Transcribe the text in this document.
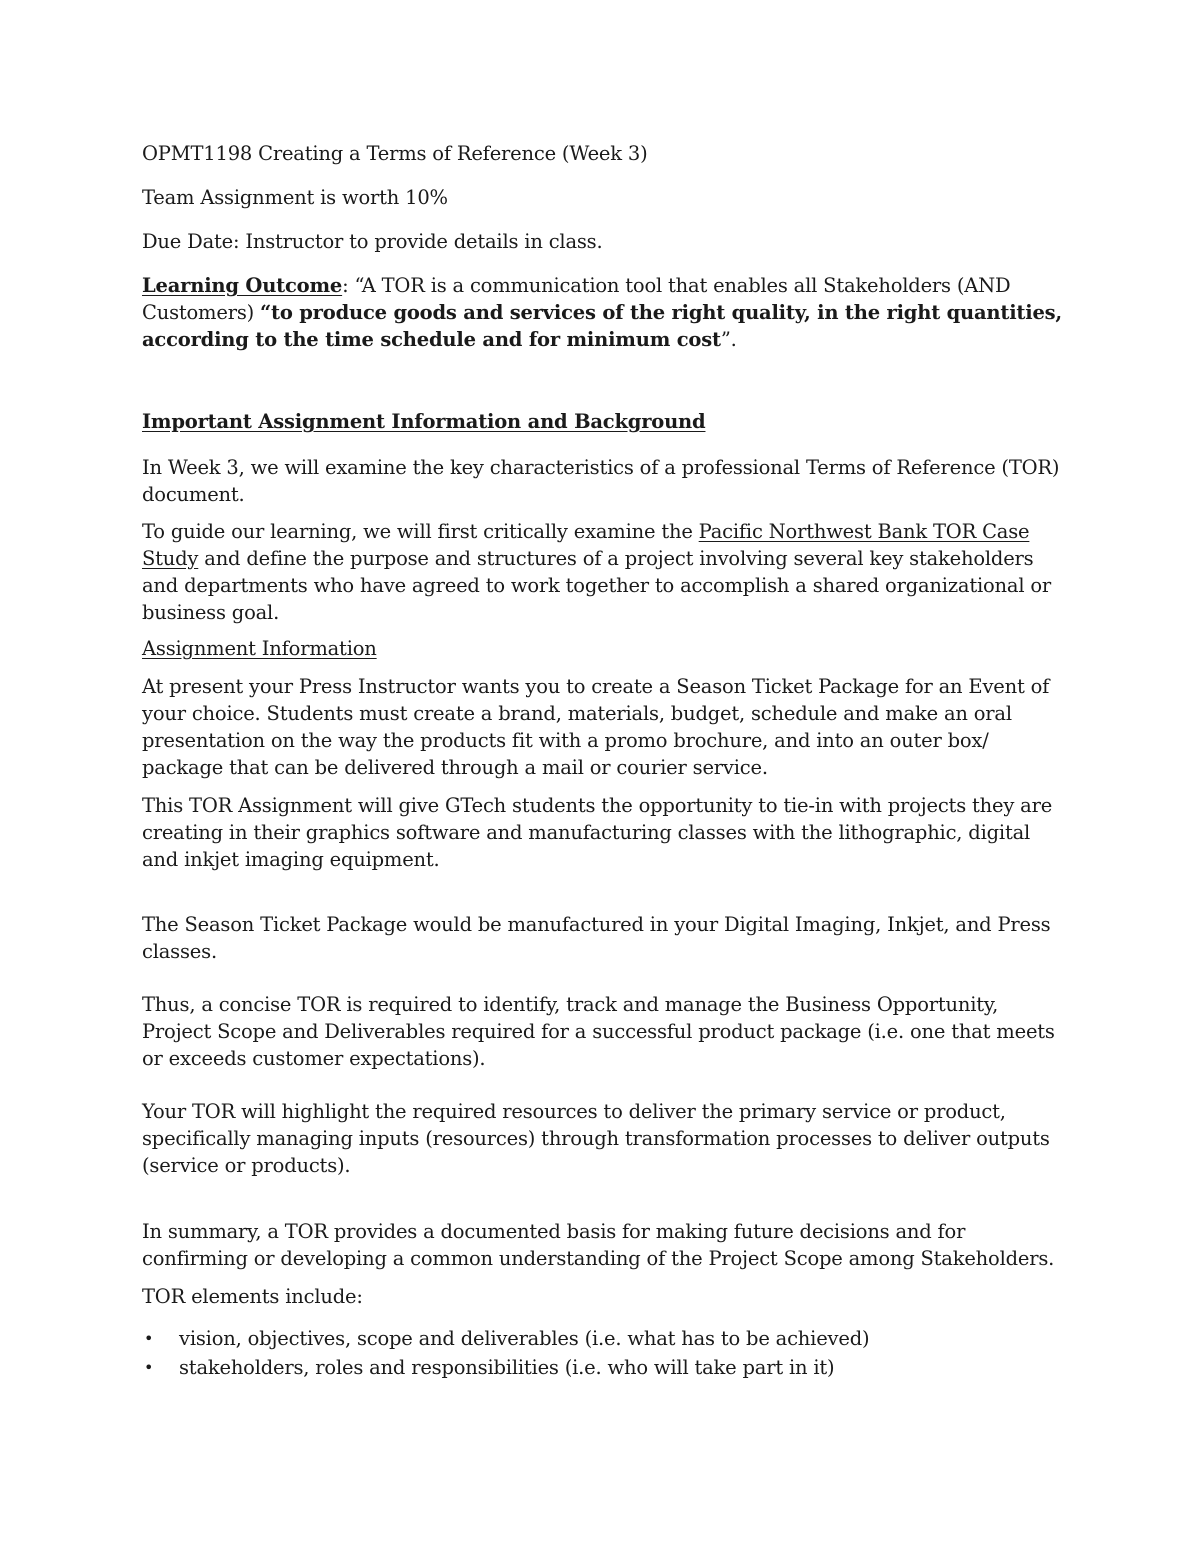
OPMT1198 Creating a Terms of Reference (Week 3)

Team Assignment is worth 10%

Due Date: Instructor to provide details in class.

Learning Outcome: “A TOR is a communication tool that enables all Stakeholders (AND Customers) “to produce goods and services of the right quality, in the right quantities, according to the time schedule and for minimum cost”.

Important Assignment Information and Background

In Week 3, we will examine the key characteristics of a professional Terms of Reference (TOR) document.

To guide our learning, we will first critically examine the Pacific Northwest Bank TOR Case Study and define the purpose and structures of a project involving several key stakeholders and departments who have agreed to work together to accomplish a shared organizational or business goal.

Assignment Information

At present your Press Instructor wants you to create a Season Ticket Package for an Event of your choice. Students must create a brand, materials, budget, schedule and make an oral presentation on the way the products fit with a promo brochure, and into an outer box/ package that can be delivered through a mail or courier service.

This TOR Assignment will give GTech students the opportunity to tie-in with projects they are creating in their graphics software and manufacturing classes with the lithographic, digital and inkjet imaging equipment.

The Season Ticket Package would be manufactured in your Digital Imaging, Inkjet, and Press classes.

Thus, a concise TOR is required to identify, track and manage the Business Opportunity, Project Scope and Deliverables required for a successful product package (i.e. one that meets or exceeds customer expectations).

Your TOR will highlight the required resources to deliver the primary service or product, specifically managing inputs (resources) through transformation processes to deliver outputs (service or products).

In summary, a TOR provides a documented basis for making future decisions and for confirming or developing a common understanding of the Project Scope among Stakeholders.

TOR elements include:

• vision, objectives, scope and deliverables (i.e. what has to be achieved)
• stakeholders, roles and responsibilities (i.e. who will take part in it)
